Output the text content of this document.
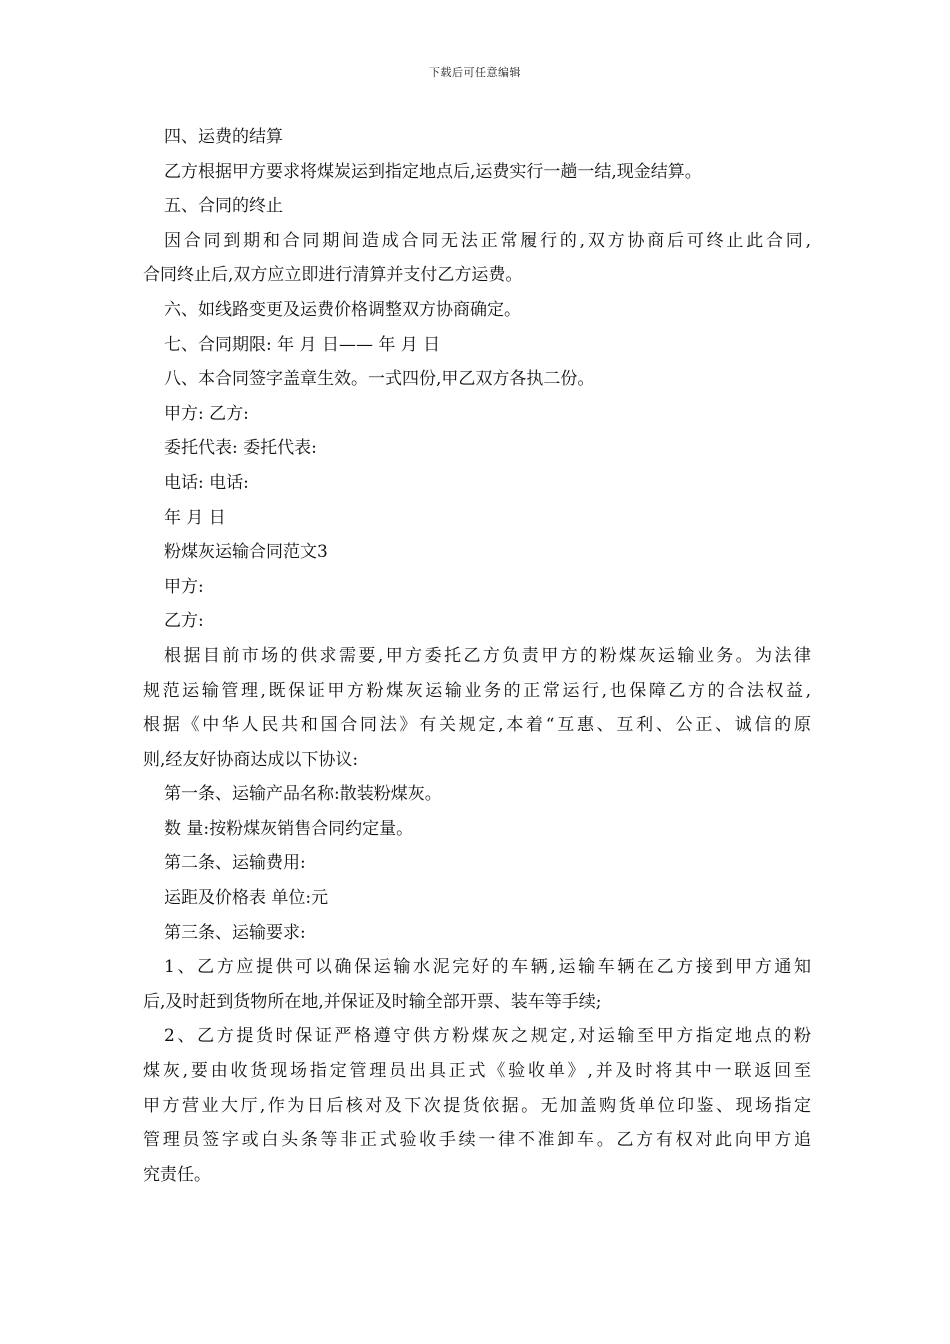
下载后可任意编辑
四、运费的结算
乙方根据甲方要求将煤炭运到指定地点后,运费实行一趟一结,现金结算。
五、合同的终止
因合同到期和合同期间造成合同无法正常履行的,双方协商后可终止此合同,
合同终止后,双方应立即进行清算并支付乙方运费。
六、如线路变更及运费价格调整双方协商确定。
七、合同期限: 年 月 日—— 年 月 日
八、本合同签字盖章生效。一式四份,甲乙双方各执二份。
甲方: 乙方:
委托代表: 委托代表:
电话: 电话:
年 月 日
粉煤灰运输合同范文3
甲方:
乙方:
根据目前市场的供求需要,甲方委托乙方负责甲方的粉煤灰运输业务。为法律
规范运输管理,既保证甲方粉煤灰运输业务的正常运行,也保障乙方的合法权益,
根据《中华人民共和国合同法》有关规定,本着“互惠、互利、公正、诚信的原
则,经友好协商达成以下协议:
第一条、运输产品名称:散装粉煤灰。
数 量:按粉煤灰销售合同约定量。
第二条、运输费用:
运距及价格表 单位:元
第三条、运输要求:
1、乙方应提供可以确保运输水泥完好的车辆,运输车辆在乙方接到甲方通知
后,及时赶到货物所在地,并保证及时输全部开票、装车等手续;
2、乙方提货时保证严格遵守供方粉煤灰之规定,对运输至甲方指定地点的粉
煤灰,要由收货现场指定管理员出具正式《验收单》,并及时将其中一联返回至
甲方营业大厅,作为日后核对及下次提货依据。无加盖购货单位印鉴、现场指定
管理员签字或白头条等非正式验收手续一律不准卸车。乙方有权对此向甲方追
究责任。
